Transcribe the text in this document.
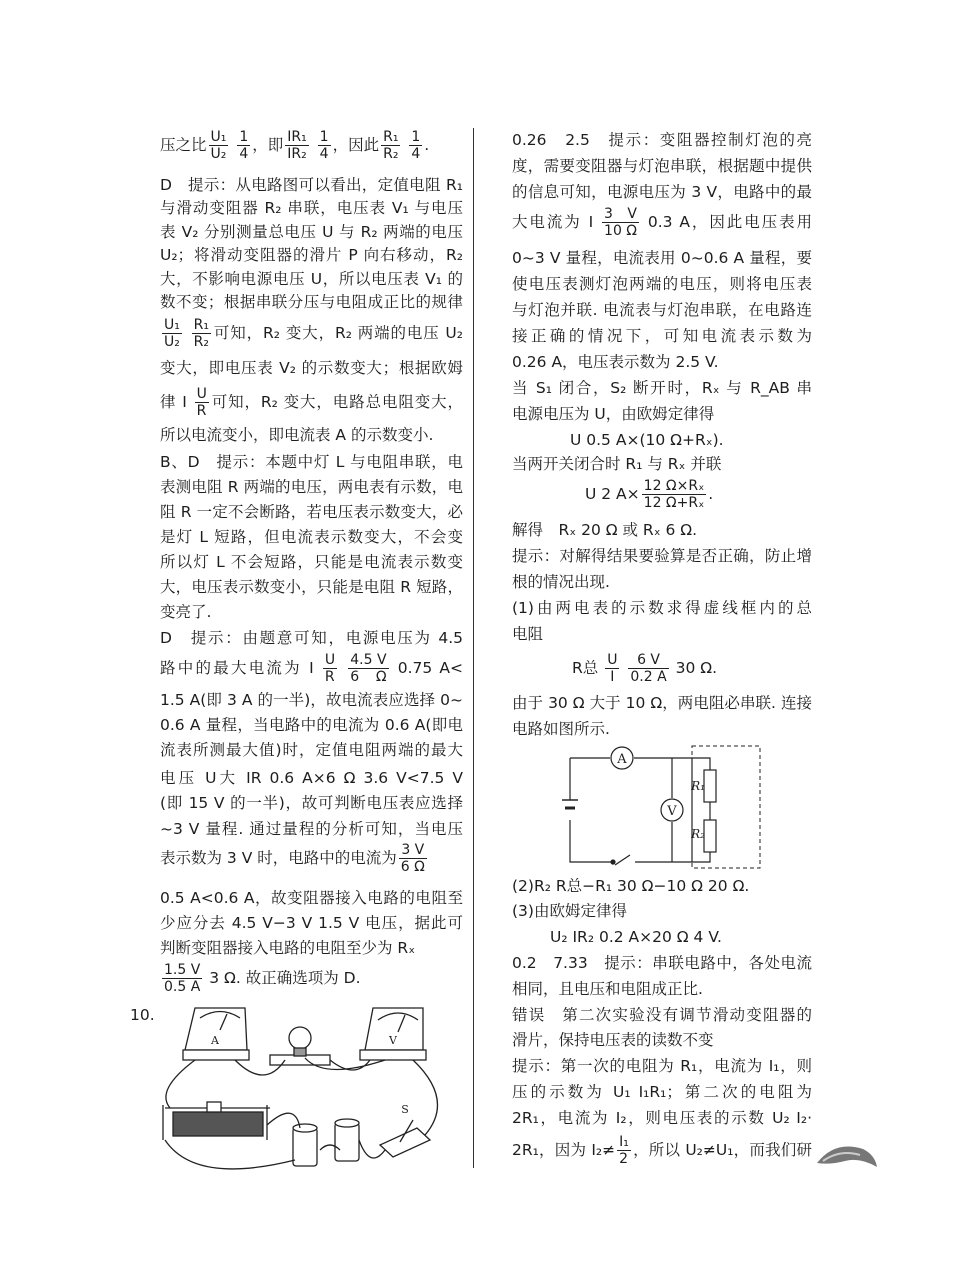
压之比 $\frac{\text{U₁}}{\text{U₂}}$
$\frac{1}{4}$ ，即 $\frac{\text{IR₁}}{\text{IR₂}}$
$\frac{1}{4}$ ，因此 $\frac{\text{R₁}}{\text{R₂}}$
$\frac{1}{4}$ .
D　提示：从电路图可以看出，定值电阻 R₁
与滑动变阻器 R₂ 串联，电压表 V₁ 与电压
表 V₂ 分别测量总电压 U 与 R₂ 两端的电压
U₂；将滑动变阻器的滑片 P 向右移动，R₂
大，不影响电源电压 U，所以电压表 V₁ 的
数不变；根据串联分压与电阻成正比的规律
$\frac{\text{U₁}}{\text{U₂}}$
$\frac{\text{R₁}}{\text{R₂}}$ 可知，R₂ 变大，R₂ 两端的电压 U₂
变大，即电压表 V₂ 的示数变大；根据欧姆
律 I $\frac{U}{R}$ 可知，R₂ 变大，电路总电阻变大，
所以电流变小，即电流表 A 的示数变小.
B、D　提示：本题中灯 L 与电阻串联，电
表测电阻 R 两端的电压，两电表有示数，电
阻 R 一定不会断路，若电压表示数变大，必
是灯 L 短路，但电流表示数变大，不会变
所以灯 L 不会短路，只能是电流表示数变
大，电压表示数变小，只能是电阻 R 短路，
变亮了.
D　提示：由题意可知，电源电压为 4.5
路中的最大电流为 I $\frac{U}{R}$
$\frac{4.5 V}{6 \Omega} 0.75$ A<
1.5 A(即 3 A 的一半)，故电流表应选择 0~
0.6 A 量程，当电路中的电流为 0.6 A(即电
流表所测最大值)时，定值电阻两端的最大
电压 U大 IR 0.6 A×6 Ω 3.6 V<7.5 V
(即 15 V 的一半)，故可判断电压表应选择
~3 V 量程. 通过量程的分析可知，当电压
表示数为 3 V 时，电路中的电流为 $\frac{3 V}{6 \Omega}$
0.5 A<0.6 A，故变阻器接入电路的电阻至
少应分去 4.5 V−3 V 1.5 V 电压，据此可
判断变阻器接入电路的电阻至少为 Rₓ
$\frac{1.5 V}{0.5 A} 3$ Ω. 故正确选项为 D.
10.
0.26　2.5　提示：变阻器控制灯泡的亮
度，需要变阻器与灯泡串联，根据题中提供
的信息可知，电源电压为 3 V，电路中的最
大电流为 I $\frac{3 V}{10 \Omega} 0.3$ A，因此电压表用
0~3 V 量程，电流表用 0~0.6 A 量程，要
使电压表测灯泡两端的电压，则将电压表
与灯泡并联. 电流表与灯泡串联，在电路连
接正确的情况下，可知电流表示数为
0.26 A，电压表示数为 2.5 V.
当 S₁ 闭合，S₂ 断开时，Rₓ 与 R_AB 串
电源电压为 U，由欧姆定律得
U 0.5 A×(10 Ω+Rₓ).
当两开关闭合时 R₁ 与 Rₓ 并联
U 2 $A\times \frac{\text{12 Ω×Rₓ}}{\text{12 Ω+Rₓ}}$ .
解得　Rₓ 20 Ω 或 Rₓ 6 Ω.
提示：对解得结果要验算是否正确，防止增
根的情况出现.
(1)由两电表的示数求得虚线框内的总
电阻
R总 $\frac{U}{I}$
$\frac{6 V}{0.2 A} 30$ Ω.
由于 30 Ω 大于 10 Ω，两电阻必串联. 连接
电路如图所示.
(2)R₂ R总−R₁ 30 Ω−10 Ω 20 Ω.
(3)由欧姆定律得
U₂ IR₂ 0.2 A×20 Ω 4 V.
0.2　7.33　提示：串联电路中，各处电流
相同，且电压和电阻成正比.
错误　第二次实验没有调节滑动变阻器的
滑片，保持电压表的读数不变
提示：第一次的电阻为 R₁，电流为 I₁，则
压的示数为 U₁ I₁R₁；第二次的电阻为
2R₁，电流为 I₂，则电压表的示数 U₂ I₂·
2R₁，因为 $I_2\ne \frac{\text{I₁}}{2}$ ，所以 U₂≠U₁，而我们研
A
V
R₁
R₂
A	V
S
